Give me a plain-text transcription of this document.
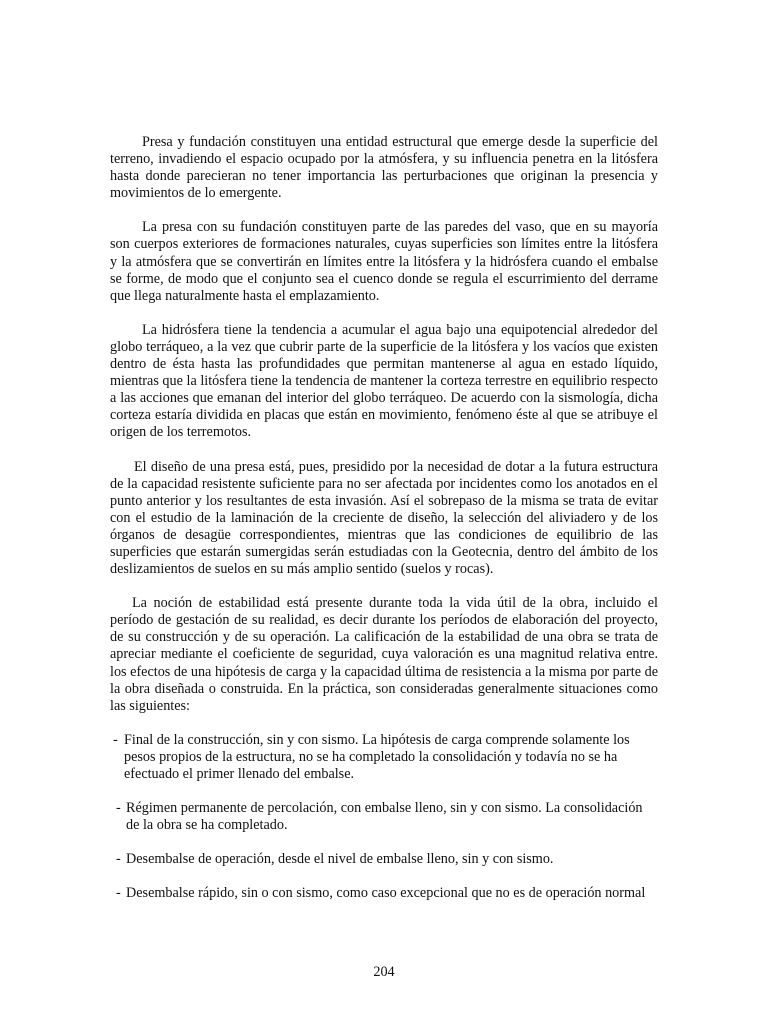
Presa y fundación constituyen una entidad estructural que emerge desde la superficie del terreno, invadiendo el espacio ocupado por la atmósfera, y su influencia penetra en la litósfera hasta donde parecieran no tener importancia las perturbaciones que originan la presencia y movimientos de lo emergente.

La presa con su fundación constituyen parte de las paredes del vaso, que en su mayoría son cuerpos exteriores de formaciones naturales, cuyas superficies son límites entre la litósfera y la atmósfera que se convertirán en límites entre la litósfera y la hidrósfera cuando el embalse se forme, de modo que el conjunto sea el cuenco donde se regula el escurrimiento del derrame que llega naturalmente hasta el emplazamiento.

La hidrósfera tiene la tendencia a acumular el agua bajo una equipotencial alrededor del globo terráqueo, a la vez que cubrir parte de la superficie de la litósfera y los vacíos que existen dentro de ésta hasta las profundidades que permitan mantenerse al agua en estado líquido, mientras que la litósfera tiene la tendencia de mantener la corteza terrestre en equilibrio respecto a las acciones que emanan del interior del globo terráqueo. De acuerdo con la sismología, dicha corteza estaría dividida en placas que están en movimiento, fenómeno éste al que se atribuye el origen de los terremotos.

El diseño de una presa está, pues, presidido por la necesidad de dotar a la futura estructura de la capacidad resistente suficiente para no ser afectada por incidentes como los anotados en el punto anterior y los resultantes de esta invasión. Así el sobrepaso de la misma se trata de evitar con el estudio de la laminación de la creciente de diseño, la selección del aliviadero y de los órganos de desagüe correspondientes, mientras que las condiciones de equilibrio de las superficies que estarán sumergidas serán estudiadas con la Geotecnia, dentro del ámbito de los deslizamientos de suelos en su más amplio sentido (suelos y rocas).

La noción de estabilidad está presente durante toda la vida útil de la obra, incluido el período de gestación de su realidad, es decir durante los períodos de elaboración del proyecto, de su construcción y de su operación. La calificación de la estabilidad de una obra se trata de apreciar mediante el coeficiente de seguridad, cuya valoración es una magnitud relativa entre. los efectos de una hipótesis de carga y la capacidad última de resistencia a la misma por parte de la obra diseñada o construida. En la práctica, son consideradas generalmente situaciones como las siguientes:

- Final de la construcción, sin y con sismo. La hipótesis de carga comprende solamente los pesos propios de la estructura, no se ha completado la consolidación y todavía no se ha efectuado el primer llenado del embalse.
- Régimen permanente de percolación, con embalse lleno, sin y con sismo. La consolidación de la obra se ha completado.
- Desembalse de operación, desde el nivel de embalse lleno, sin y con sismo.
- Desembalse rápido, sin o con sismo, como caso excepcional que no es de operación normal
204
